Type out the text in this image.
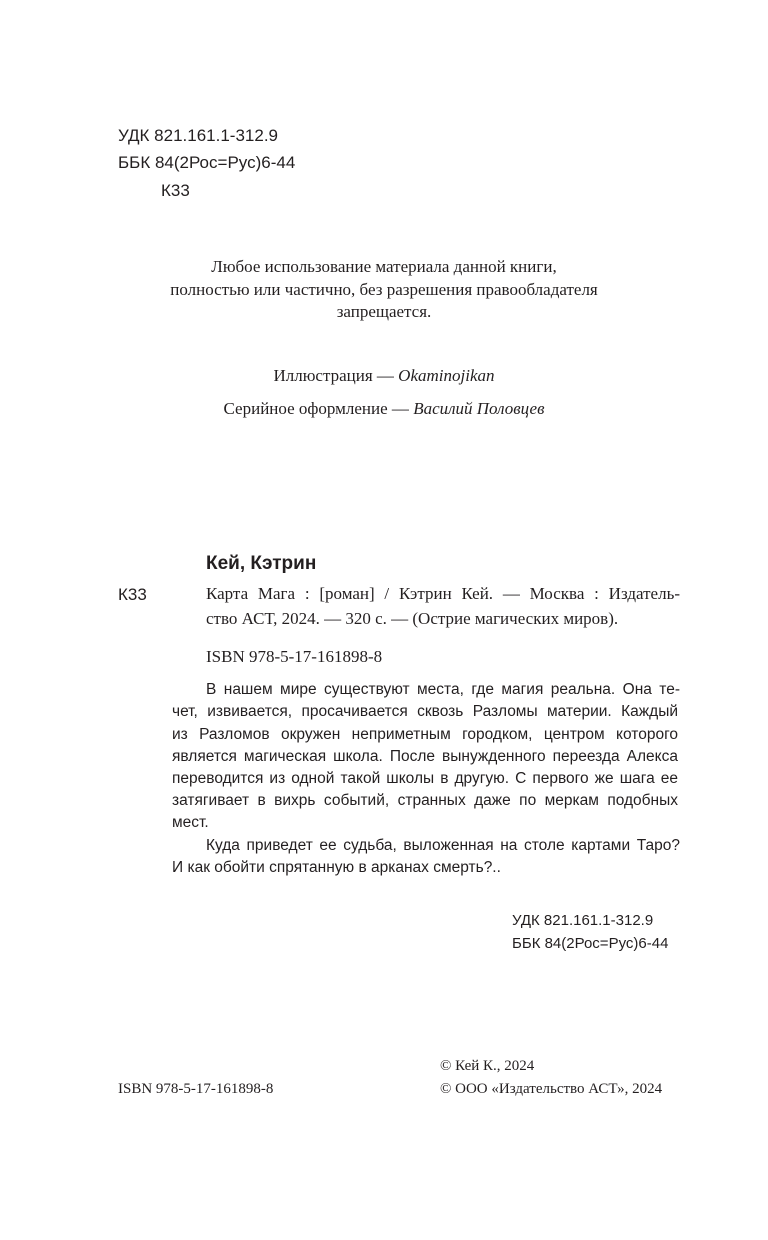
УДК 821.161.1-312.9
ББК 84(2Рос=Рус)6-44
К33
Любое использование материала данной книги,
полностью или частично, без разрешения правообладателя
запрещается.
Иллюстрация — Okaminojikan
Серийное оформление — Василий Половцев
Кей, Кэтрин
К33	Карта Мага : [роман] / Кэтрин Кей. — Москва : Издатель-
ство АСТ, 2024. — 320 с. — (Острие магических миров).
ISBN 978-5-17-161898-8
В нашем мире существуют места, где магия реальна. Она те-
чет, извивается, просачивается сквозь Разломы материи. Каждый
из Разломов окружен неприметным городком, центром которого
является магическая школа. После вынужденного переезда Алекса
переводится из одной такой школы в другую. С первого же шага ее
затягивает в вихрь событий, странных даже по меркам подобных
мест.
Куда приведет ее судьба, выложенная на столе картами Таро?
И как обойти спрятанную в арканах смерть?..
УДК 821.161.1-312.9
ББК 84(2Рос=Рус)6-44
ISBN 978-5-17-161898-8
© Кей К., 2024
© ООО «Издательство АСТ», 2024
